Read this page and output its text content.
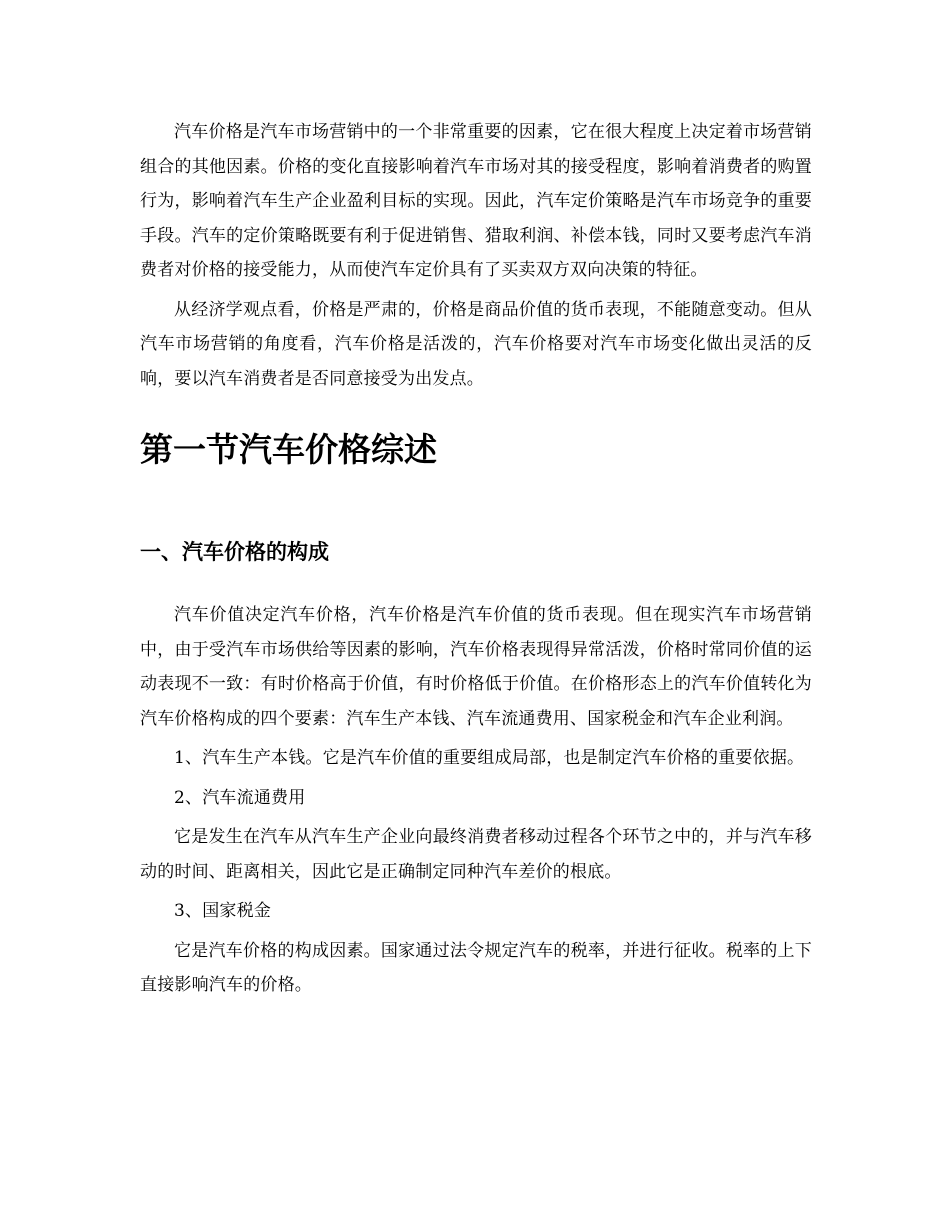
汽车价格是汽车市场营销中的一个非常重要的因素，它在很大程度上决定着市场营销组合的其他因素。价格的变化直接影响着汽车市场对其的接受程度，影响着消费者的购置行为，影响着汽车生产企业盈利目标的实现。因此，汽车定价策略是汽车市场竞争的重要手段。汽车的定价策略既要有利于促进销售、猎取利润、补偿本钱，同时又要考虑汽车消费者对价格的接受能力，从而使汽车定价具有了买卖双方双向决策的特征。

从经济学观点看，价格是严肃的，价格是商品价值的货币表现，不能随意变动。但从汽车市场营销的角度看，汽车价格是活泼的，汽车价格要对汽车市场变化做出灵活的反响，要以汽车消费者是否同意接受为出发点。

第一节汽车价格综述
一、汽车价格的构成

汽车价值决定汽车价格，汽车价格是汽车价值的货币表现。但在现实汽车市场营销中，由于受汽车市场供给等因素的影响，汽车价格表现得异常活泼，价格时常同价值的运动表现不一致：有时价格高于价值，有时价格低于价值。在价格形态上的汽车价值转化为汽车价格构成的四个要素：汽车生产本钱、汽车流通费用、国家税金和汽车企业利润。

1、汽车生产本钱。它是汽车价值的重要组成局部，也是制定汽车价格的重要依据。

2、汽车流通费用

它是发生在汽车从汽车生产企业向最终消费者移动过程各个环节之中的，并与汽车移动的时间、距离相关，因此它是正确制定同种汽车差价的根底。

3、国家税金

它是汽车价格的构成因素。国家通过法令规定汽车的税率，并进行征收。税率的上下直接影响汽车的价格。
